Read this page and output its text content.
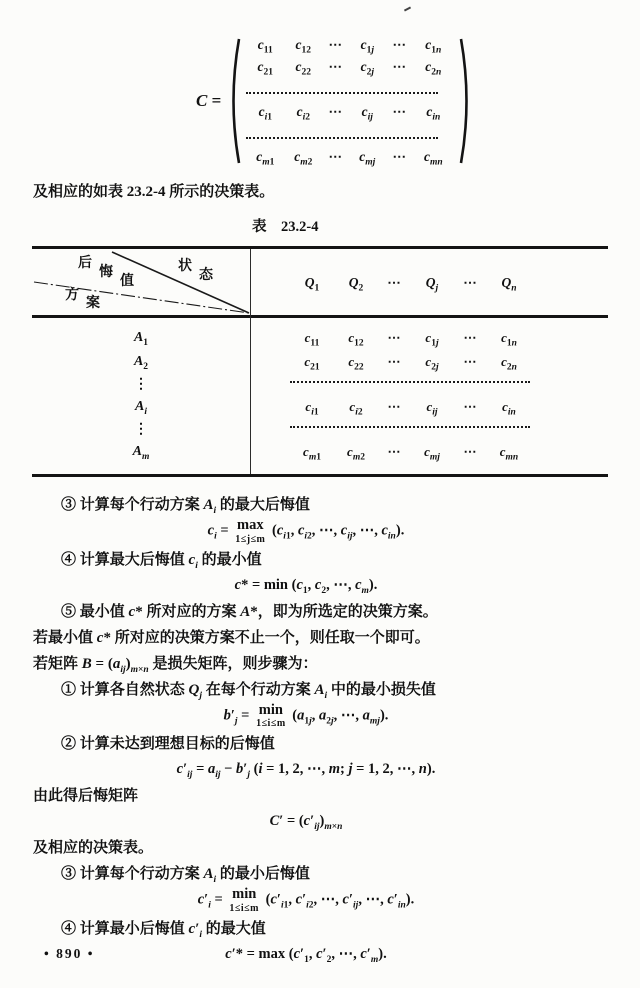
C =
$c_{11}$	$c_{12}$	⋯	$c_{1j}$	⋯	$c_{1n}$
$c_{21}$	$c_{22}$	⋯	$c_{2j}$	⋯	$c_{2n}$
$c_{i1}$	$c_{i2}$	⋯	$c_{ij}$	⋯	$c_{in}$
$c_{m1}$	$c_{m2}$	⋯	$c_{mj}$	⋯	$c_{mn}$
及相应的如表 23.2-4 所示的决策表。
表　23.2-4
后悔值
状态
方案
$Q_1$	$Q_2$	⋯	$Q_j$	⋯	$Q_n$
$A_1$	$c_{11}$	$c_{12}$	⋯	$c_{1j}$	⋯	$c_{1n}$
$A_2$	$c_{21}$	$c_{22}$	⋯	$c_{2j}$	⋯	$c_{2n}$
⋮
$A_i$	$c_{i1}$	$c_{i2}$	⋯	$c_{ij}$	⋯	$c_{in}$
⋮
$A_m$	$c_{m1}$	$c_{m2}$	⋯	$c_{mj}$	⋯	$c_{mn}$
③ 计算每个行动方案 $A_i$ 的最大后悔值
$c_i = \max$
1≤j≤m
($c_{i1}$, $c_{i2}$, ⋯, $c_{ij}$, ⋯, $c_{in}$).
④ 计算最大后悔值 $c_i$ 的最小值
$c* = \min (c_1$, $c_2$, ⋯, $c_m$).
⑤ 最小值 c* 所对应的方案 A*，即为所选定的决策方案。
若最小值 c* 所对应的决策方案不止一个，则任取一个即可。
若矩阵 $B = (a_{ij})_{m\times n}$ 是损失矩阵，则步骤为：
① 计算各自然状态 $Q_j$ 在每个行动方案 $A_i$ 中的最小损失值
$b'_j = \min$
1≤i≤m
($a_{1j}$, $a_{2j}$, ⋯, $a_{mj}$).
② 计算未达到理想目标的后悔值
$c'_{ij} = a_{ij} - b'_j$ (i = 1, 2, ⋯, m; j = 1, 2, ⋯, n).
由此得后悔矩阵
$C' = (c'_{ij})_{m\times n}$
及相应的决策表。
③ 计算每个行动方案 $A_i$ 的最小后悔值
$c'_i = \min$
1≤i≤m
($c'_{i1}$, $c'_{i2}$, ⋯, $c'_{ij}$, ⋯, $c'_{in}$).
④ 计算最小后悔值 $c'_i$ 的最大值
$c'* = \max (c'_1$, $c'_2$, ⋯, $c'_m$).
• 890 •
